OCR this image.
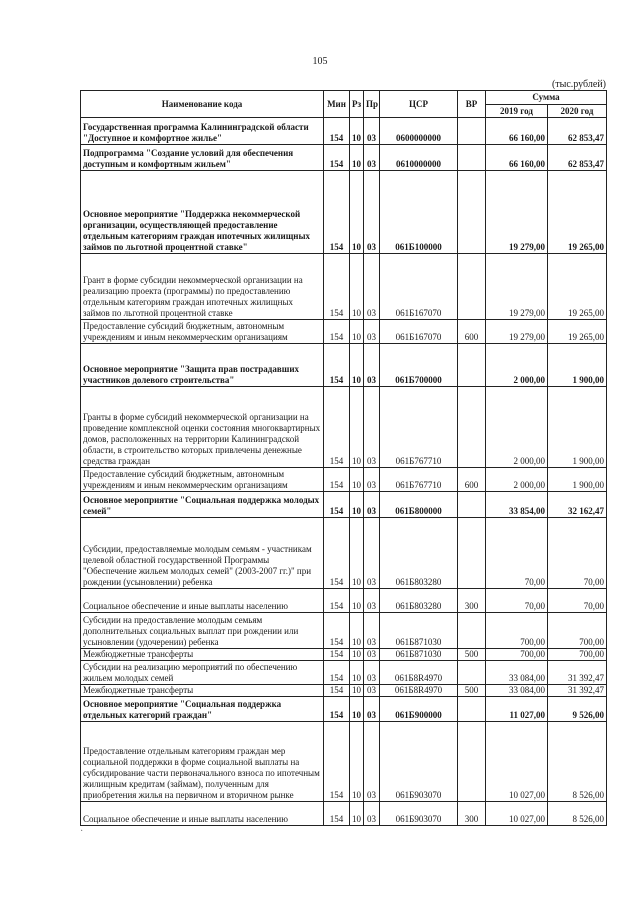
105
(тыс.рублей)
Наименование кода	Мин	Рз	Пр	ЦСР	ВР	Сумма	
						2019 год	2020 год
Государственная программа Калининградской области "Доступное и комфортное жилье"	154	10	03	0600000000		66 160,00	62 853,47
Подпрограмма "Создание условий для обеспечения доступным и комфортным жильем"	154	10	03	0610000000		66 160,00	62 853,47
Основное мероприятие "Поддержка некоммерческой организации, осуществляющей предоставление отдельным категориям граждан ипотечных жилищных займов по льготной процентной ставке"	154	10	03	061Б100000		19 279,00	19 265,00
Грант в форме субсидии некоммерческой организации на реализацию проекта (программы) по предоставлению отдельным категориям граждан ипотечных жилищных займов по льготной процентной ставке	154	10	03	061Б167070		19 279,00	19 265,00
Предоставление субсидий бюджетным, автономным учреждениям и иным некоммерческим организациям	154	10	03	061Б167070	600	19 279,00	19 265,00
Основное мероприятие "Защита прав пострадавших участников долевого строительства"	154	10	03	061Б700000		2 000,00	1 900,00
Гранты в форме субсидий некоммерческой организации на проведение комплексной оценки состояния многоквартирных домов, расположенных на территории Калининградской области, в строительство которых привлечены денежные средства граждан	154	10	03	061Б767710		2 000,00	1 900,00
Предоставление субсидий бюджетным, автономным учреждениям и иным некоммерческим организациям	154	10	03	061Б767710	600	2 000,00	1 900,00
Основное мероприятие "Социальная поддержка молодых семей"	154	10	03	061Б800000		33 854,00	32 162,47
Субсидии, предоставляемые молодым семьям - участникам целевой областной государственной Программы "Обеспечение жильем молодых семей" (2003-2007 гг.)" при рождении (усыновлении) ребенка	154	10	03	061Б803280		70,00	70,00
Социальное обеспечение и иные выплаты населению	154	10	03	061Б803280	300	70,00	70,00
Субсидии на предоставление молодым семьям дополнительных социальных выплат при рождении или усыновлении (удочерении) ребенка	154	10	03	061Б871030		700,00	700,00
Межбюджетные трансферты	154	10	03	061Б871030	500	700,00	700,00
Субсидии на реализацию мероприятий по обеспечению жильем молодых семей	154	10	03	061Б8R4970		33 084,00	31 392,47
Межбюджетные трансферты	154	10	03	061Б8R4970	500	33 084,00	31 392,47
Основное мероприятие "Социальная поддержка отдельных категорий граждан"	154	10	03	061Б900000		11 027,00	9 526,00
Предоставление отдельным категориям граждан мер социальной поддержки в форме социальной выплаты на субсидирование части первоначального взноса по ипотечным жилищным кредитам (займам), полученным для приобретения жилья на первичном и вторичном рынке	154	10	03	061Б903070		10 027,00	8 526,00
Социальное обеспечение и иные выплаты населению	154	10	03	061Б903070	300	10 027,00	8 526,00
·
